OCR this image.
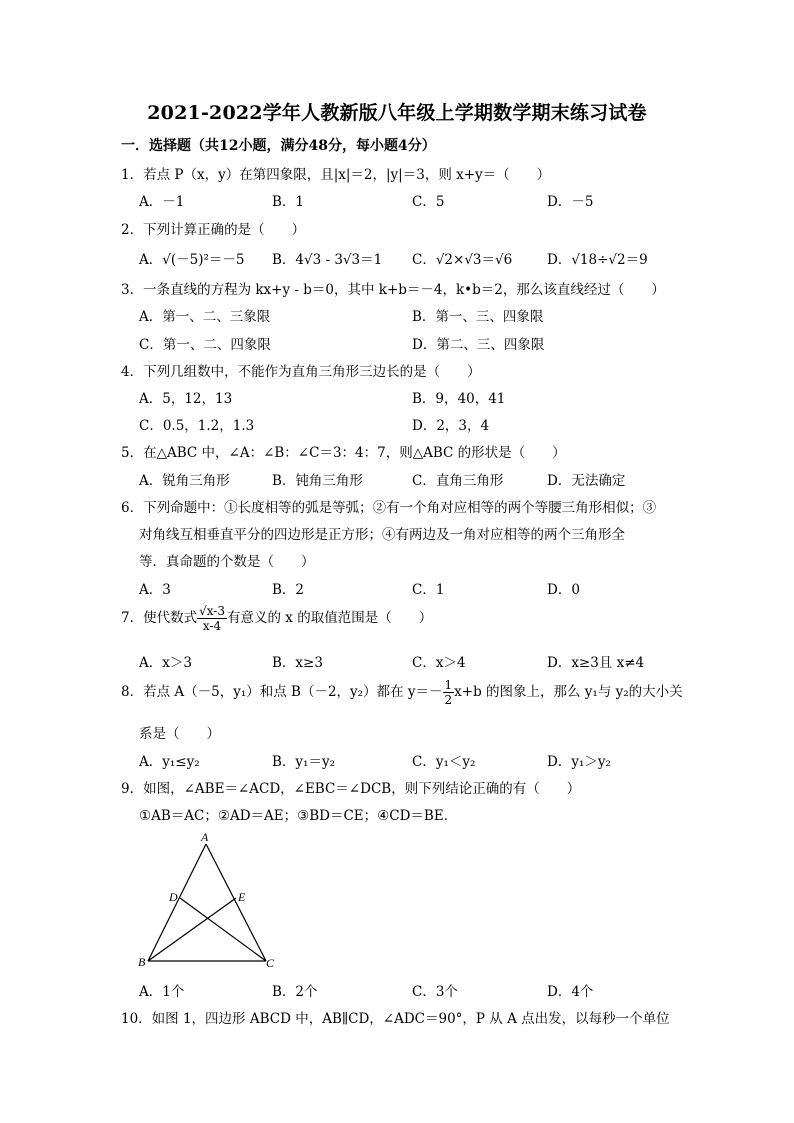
2021-2022学年人教新版八年级上学期数学期末练习试卷
一．选择题（共12小题，满分48分，每小题4分）
1．若点 P（x，y）在第四象限，且|x|＝2，|y|＝3，则 x+y＝（　　）
A．－1	B．1	C．5	D．－5
2．下列计算正确的是（　　）
A．√(－5)²＝－5 B．4√3 - 3√3＝1 C．√2×√3＝√6	D．√18÷√2＝9
3．一条直线的方程为 kx+y - b＝0，其中 k+b＝－4，k•b＝2，那么该直线经过（　　）
A．第一、二、三象限	B．第一、三、四象限
C．第一、二、四象限	D．第二、三、四象限
4．下列几组数中，不能作为直角三角形三边长的是（　　）
A．5，12，13	B．9，40，41
C．0.5，1.2，1.3	D．2，3，4
5．在△ABC 中，∠A：∠B：∠C＝3：4：7，则△ABC 的形状是（　　）
A．锐角三角形	B．钝角三角形	C．直角三角形	D．无法确定
6．下列命题中：①长度相等的弧是等弧；②有一个角对应相等的两个等腰三角形相似；③
对角线互相垂直平分的四边形是正方形；④有两边及一角对应相等的两个三角形全
等．真命题的个数是（　　）
A．3	B．2	C．1	D．0
7．使代数式 $\frac{√x-3}{x-4}$ 有意义的 x 的取值范围是（　　）
A．x＞3	B．x≥3	C．x＞4	D．x≥3且 x≠4
8．若点 A（－5，y₁）和点 B（－2，y₂）都在 $y=- \frac{1}{2} x+b$ 的图象上，那么 y₁与 y₂的大小关
系是（　　）
A．y₁≤y₂	B．y₁＝y₂	C．y₁＜y₂	D．y₁＞y₂
9．如图，∠ABE＝∠ACD，∠EBC＝∠DCB，则下列结论正确的有（　　）
①AB＝AC；②AD＝AE；③BD＝CE；④CD＝BE．
A
D	E
B	C
A．1个	B．2个	C．3个	D．4个
10．如图 1，四边形 ABCD 中，AB∥CD，∠ADC＝90°，P 从 A 点出发，以每秒一个单位
